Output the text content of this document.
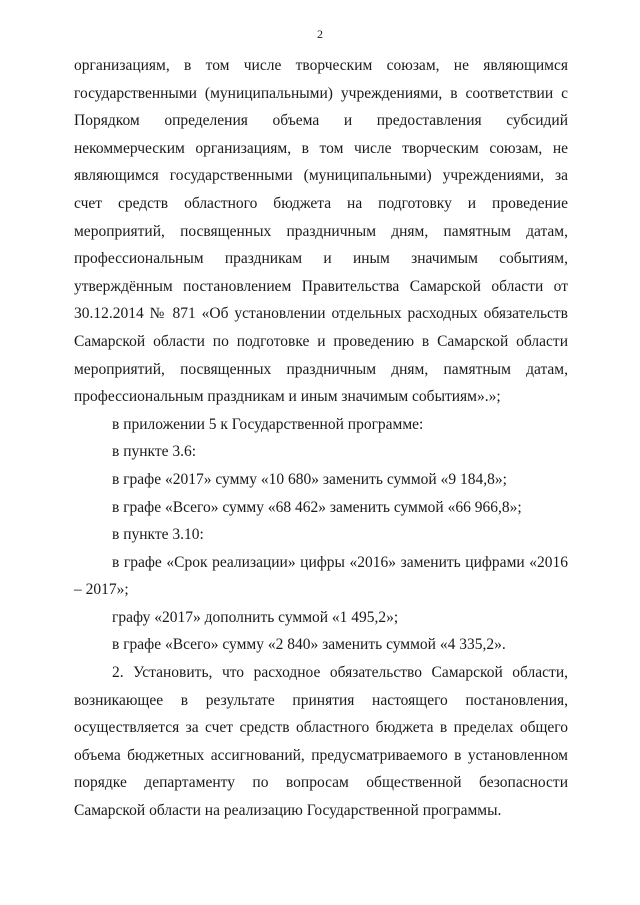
2

организациям, в том числе творческим союзам, не являющимся государственными (муниципальными) учреждениями, в соответствии с Порядком определения объема и предоставления субсидий некоммерческим организациям, в том числе творческим союзам, не являющимся государственными (муниципальными) учреждениями, за счет средств областного бюджета на подготовку и проведение мероприятий, посвященных праздничным дням, памятным датам, профессиональным праздникам и иным значимым событиям, утверждённым постановлением Правительства Самарской области от 30.12.2014 № 871 «Об установлении отдельных расходных обязательств Самарской области по подготовке и проведению в Самарской области мероприятий, посвященных праздничным дням, памятным датам, профессиональным праздникам и иным значимым событиям».»;

в приложении 5 к Государственной программе:

в пункте 3.6:

в графе «2017» сумму «10 680» заменить суммой «9 184,8»;

в графе «Всего» сумму «68 462» заменить суммой «66 966,8»;

в пункте 3.10:

в графе «Срок реализации» цифры «2016» заменить цифрами «2016 – 2017»;

графу «2017» дополнить суммой «1 495,2»;

в графе «Всего» сумму «2 840» заменить суммой «4 335,2».

2. Установить, что расходное обязательство Самарской области, возникающее в результате принятия настоящего постановления, осуществляется за счет средств областного бюджета в пределах общего объема бюджетных ассигнований, предусматриваемого в установленном порядке департаменту по вопросам общественной безопасности Самарской области на реализацию Государственной программы.
